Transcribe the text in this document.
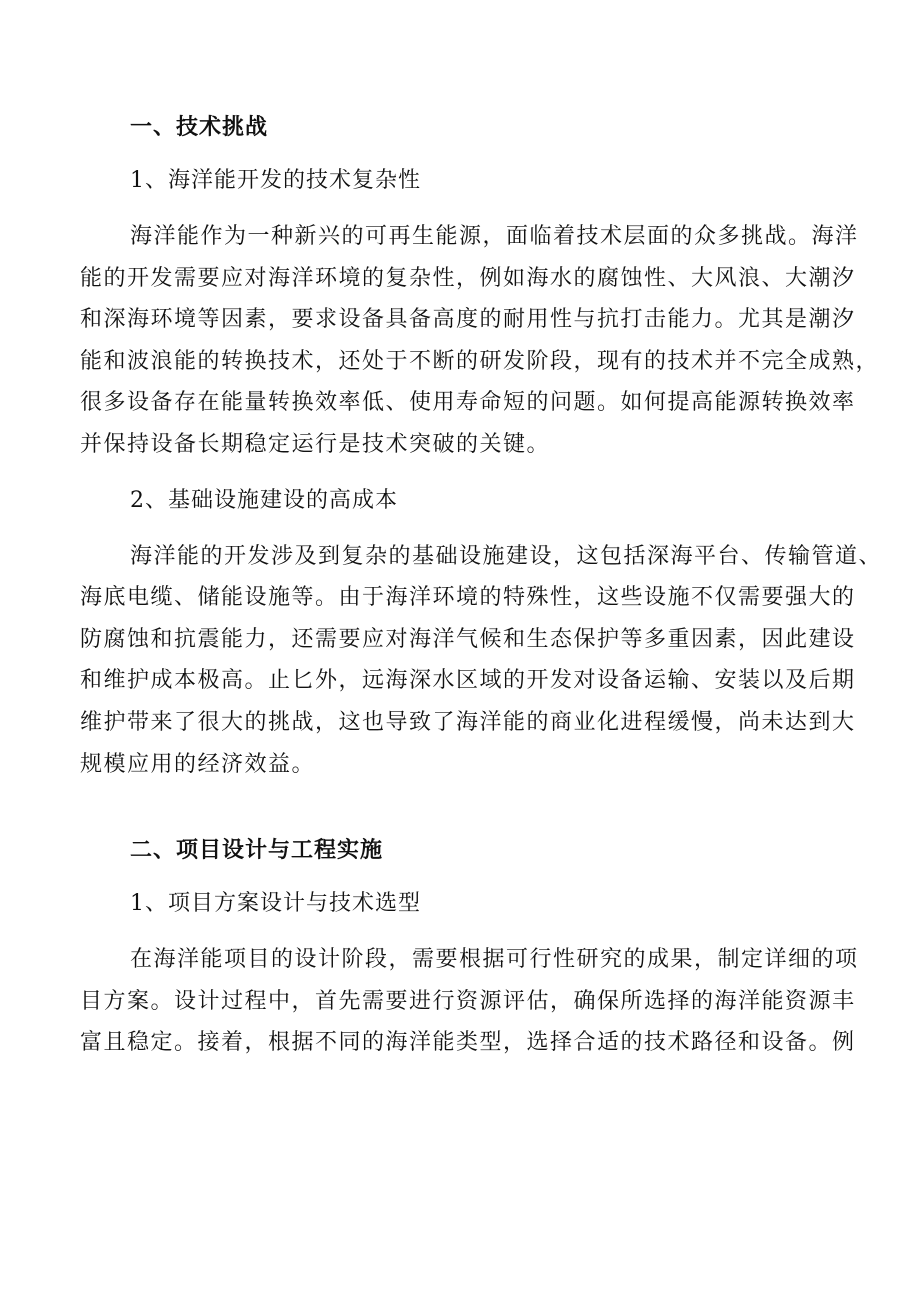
一、技术挑战
1、海洋能开发的技术复杂性
海洋能作为一种新兴的可再生能源，面临着技术层面的众多挑战。海洋
能的开发需要应对海洋环境的复杂性，例如海水的腐蚀性、大风浪、大潮汐
和深海环境等因素，要求设备具备高度的耐用性与抗打击能力。尤其是潮汐
能和波浪能的转换技术，还处于不断的研发阶段，现有的技术并不完全成熟，
很多设备存在能量转换效率低、使用寿命短的问题。如何提高能源转换效率
并保持设备长期稳定运行是技术突破的关键。
2、基础设施建设的高成本
海洋能的开发涉及到复杂的基础设施建设，这包括深海平台、传输管道、
海底电缆、储能设施等。由于海洋环境的特殊性，这些设施不仅需要强大的
防腐蚀和抗震能力，还需要应对海洋气候和生态保护等多重因素，因此建设
和维护成本极高。止匕外，远海深水区域的开发对设备运输、安装以及后期
维护带来了很大的挑战，这也导致了海洋能的商业化进程缓慢，尚未达到大
规模应用的经济效益。
二、项目设计与工程实施
1、项目方案设计与技术选型
在海洋能项目的设计阶段，需要根据可行性研究的成果，制定详细的项
目方案。设计过程中，首先需要进行资源评估，确保所选择的海洋能资源丰
富且稳定。接着，根据不同的海洋能类型，选择合适的技术路径和设备。例
